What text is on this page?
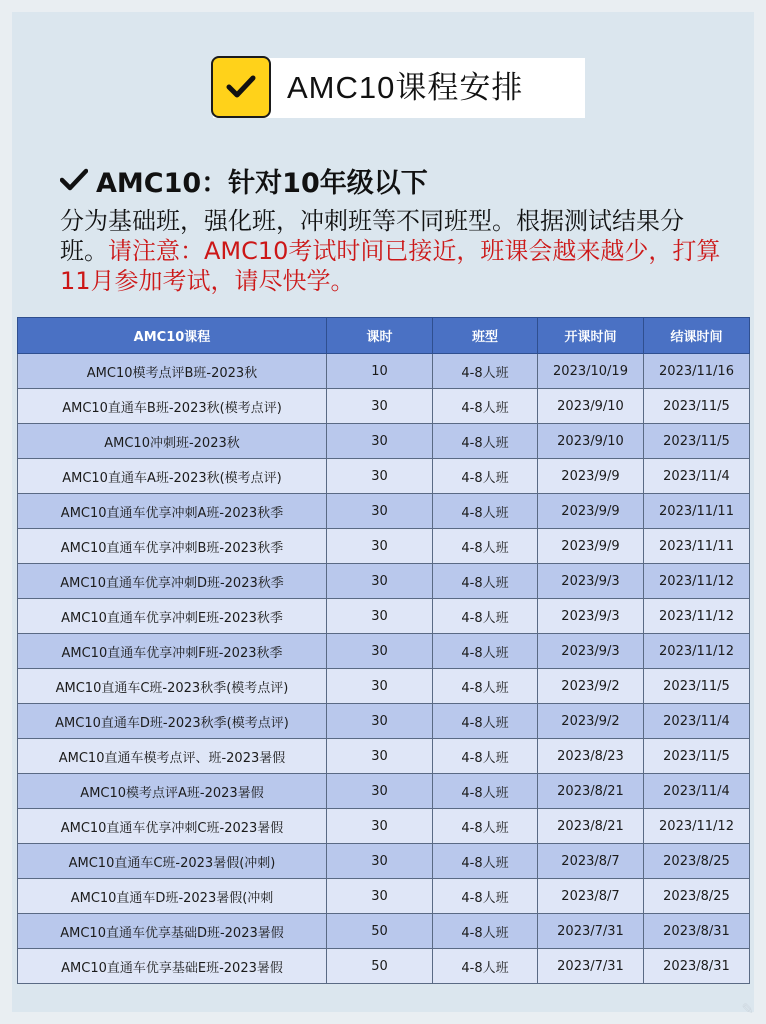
AMC10课程安排
AMC10：针对10年级以下
分为基础班，强化班，冲刺班等不同班型。根据测试结果分班。请注意：AMC10考试时间已接近，班课会越来越少，打算11月参加考试，请尽快学。
AMC10课程	课时	班型	开课时间	结课时间
AMC10模考点评B班-2023秋	10	4-8人班	2023/10/19	2023/11/16
AMC10直通车B班-2023秋(模考点评)	30	4-8人班	2023/9/10	2023/11/5
AMC10冲刺班-2023秋	30	4-8人班	2023/9/10	2023/11/5
AMC10直通车A班-2023秋(模考点评)	30	4-8人班	2023/9/9	2023/11/4
AMC10直通车优享冲刺A班-2023秋季	30	4-8人班	2023/9/9	2023/11/11
AMC10直通车优享冲刺B班-2023秋季	30	4-8人班	2023/9/9	2023/11/11
AMC10直通车优享冲刺D班-2023秋季	30	4-8人班	2023/9/3	2023/11/12
AMC10直通车优享冲刺E班-2023秋季	30	4-8人班	2023/9/3	2023/11/12
AMC10直通车优享冲刺F班-2023秋季	30	4-8人班	2023/9/3	2023/11/12
AMC10直通车C班-2023秋季(模考点评)	30	4-8人班	2023/9/2	2023/11/5
AMC10直通车D班-2023秋季(模考点评)	30	4-8人班	2023/9/2	2023/11/4
AMC10直通车模考点评、班-2023暑假	30	4-8人班	2023/8/23	2023/11/5
AMC10模考点评A班-2023暑假	30	4-8人班	2023/8/21	2023/11/4
AMC10直通车优享冲刺C班-2023暑假	30	4-8人班	2023/8/21	2023/11/12
AMC10直通车C班-2023暑假(冲刺)	30	4-8人班	2023/8/7	2023/8/25
AMC10直通车D班-2023暑假(冲刺	30	4-8人班	2023/8/7	2023/8/25
AMC10直通车优享基础D班-2023暑假	50	4-8人班	2023/7/31	2023/8/31
AMC10直通车优享基础E班-2023暑假	50	4-8人班	2023/7/31	2023/8/31
✎
